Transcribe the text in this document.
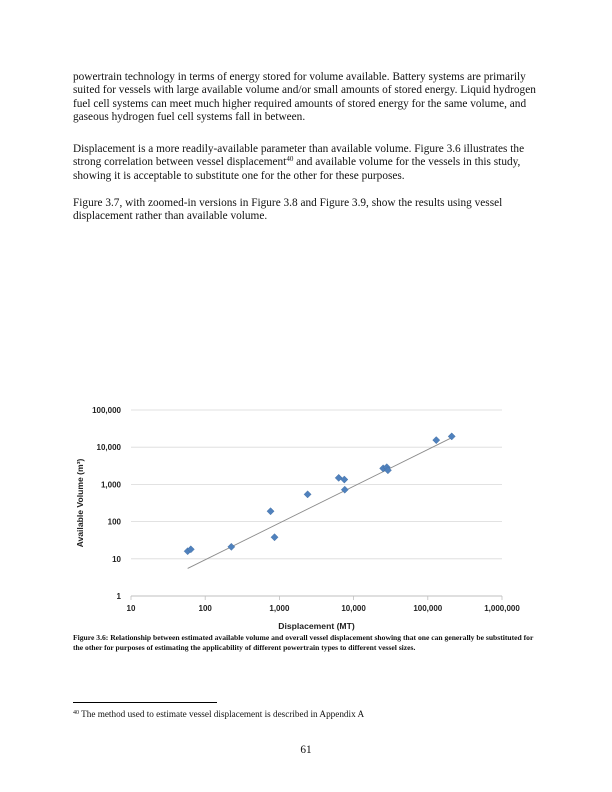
powertrain technology in terms of energy stored for volume available. Battery systems are primarily suited for vessels with large available volume and/or small amounts of stored energy. Liquid hydrogen fuel cell systems can meet much higher required amounts of stored energy for the same volume, and gaseous hydrogen fuel cell systems fall in between.

Displacement is a more readily-available parameter than available volume. Figure 3.6 illustrates the strong correlation between vessel displacement$^{40}$ and available volume for the vessels in this study, showing it is acceptable to substitute one for the other for these purposes.

Figure 3.7, with zoomed-in versions in Figure 3.8 and Figure 3.9, show the results using vessel displacement rather than available volume.

10	100	1,000	10,000	100,000	1,000,000
1
10
100
1,000
10,000
100,000
Displacement (MT)
Available Volume (m³)

Figure 3.6: Relationship between estimated available volume and overall vessel displacement showing that one can generally be substituted for the other for purposes of estimating the applicability of different powertrain types to different vessel sizes.

$^{40}$ The method used to estimate vessel displacement is described in Appendix A

61
